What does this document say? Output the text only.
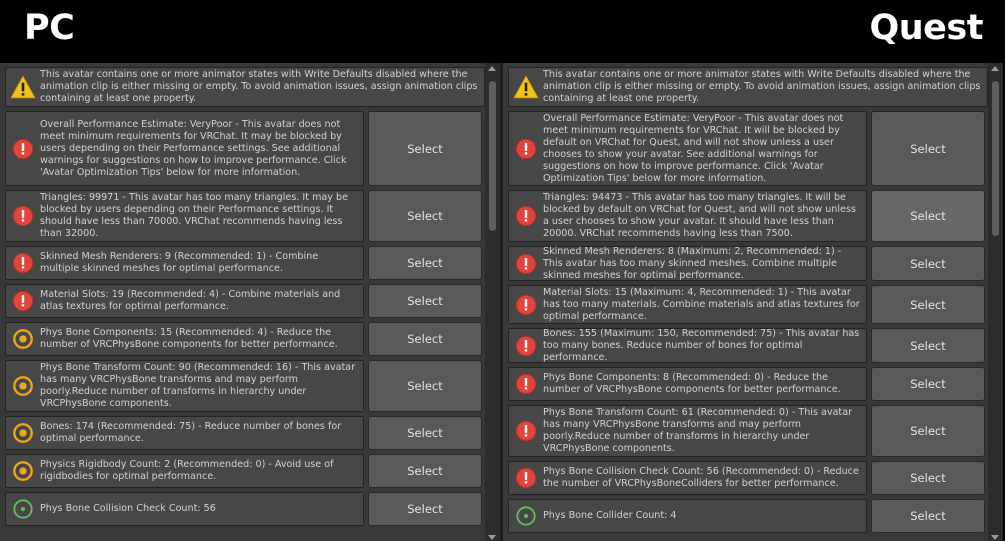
PC	Quest
This avatar contains one or more animator states with Write Defaults disabled where the animation clip is either missing or empty. To avoid animation issues, assign animation clips containing at least one property.
Overall Performance Estimate: VeryPoor - This avatar does not meet minimum requirements for VRChat. It may be blocked by users depending on their Performance settings. See additional warnings for suggestions on how to improve performance. Click 'Avatar Optimization Tips' below for more information.
Select
Triangles: 99971 - This avatar has too many triangles. It may be blocked by users depending on their Performance settings. It should have less than 70000. VRChat recommends having less than 32000.
Select
Skinned Mesh Renderers: 9 (Recommended: 1) - Combine multiple skinned meshes for optimal performance.	Select
Material Slots: 19 (Recommended: 4) - Combine materials and atlas textures for optimal performance.	Select
Phys Bone Components: 15 (Recommended: 4) - Reduce the number of VRCPhysBone components for better performance.	Select
Phys Bone Transform Count: 90 (Recommended: 16) - This avatar has many VRCPhysBone transforms and may perform poorly.Reduce number of transforms in hierarchy under VRCPhysBone components.
Select
Bones: 174 (Recommended: 75) - Reduce number of bones for optimal performance.	Select
Physics Rigidbody Count: 2 (Recommended: 0) - Avoid use of rigidbodies for optimal performance.	Select
Phys Bone Collision Check Count: 56	Select
This avatar contains one or more animator states with Write Defaults disabled where the animation clip is either missing or empty. To avoid animation issues, assign animation clips containing at least one property.
Overall Performance Estimate: VeryPoor - This avatar does not meet minimum requirements for VRChat. It will be blocked by default on VRChat for Quest, and will not show unless a user chooses to show your avatar. See additional warnings for suggestions on how to improve performance. Click 'Avatar Optimization Tips' below for more information.
Select
Triangles: 94473 - This avatar has too many triangles. It will be blocked by default on VRChat for Quest, and will not show unless a user chooses to show your avatar. It should have less than 20000. VRChat recommends having less than 7500.
Select
Skinned Mesh Renderers: 8 (Maximum: 2, Recommended: 1) - This avatar has too many skinned meshes. Combine multiple skinned meshes for optimal performance.
Select
Material Slots: 15 (Maximum: 4, Recommended: 1) - This avatar has too many materials. Combine materials and atlas textures for optimal performance.
Select
Bones: 155 (Maximum: 150, Recommended: 75) - This avatar has too many bones. Reduce number of bones for optimal performance.
Select
Phys Bone Components: 8 (Recommended: 0) - Reduce the number of VRCPhysBone components for better performance.	Select
Phys Bone Transform Count: 61 (Recommended: 0) - This avatar has many VRCPhysBone transforms and may perform poorly.Reduce number of transforms in hierarchy under VRCPhysBone components.
Select
Phys Bone Collision Check Count: 56 (Recommended: 0) - Reduce the number of VRCPhysBoneColliders for better performance.	Select
Phys Bone Collider Count: 4	Select
